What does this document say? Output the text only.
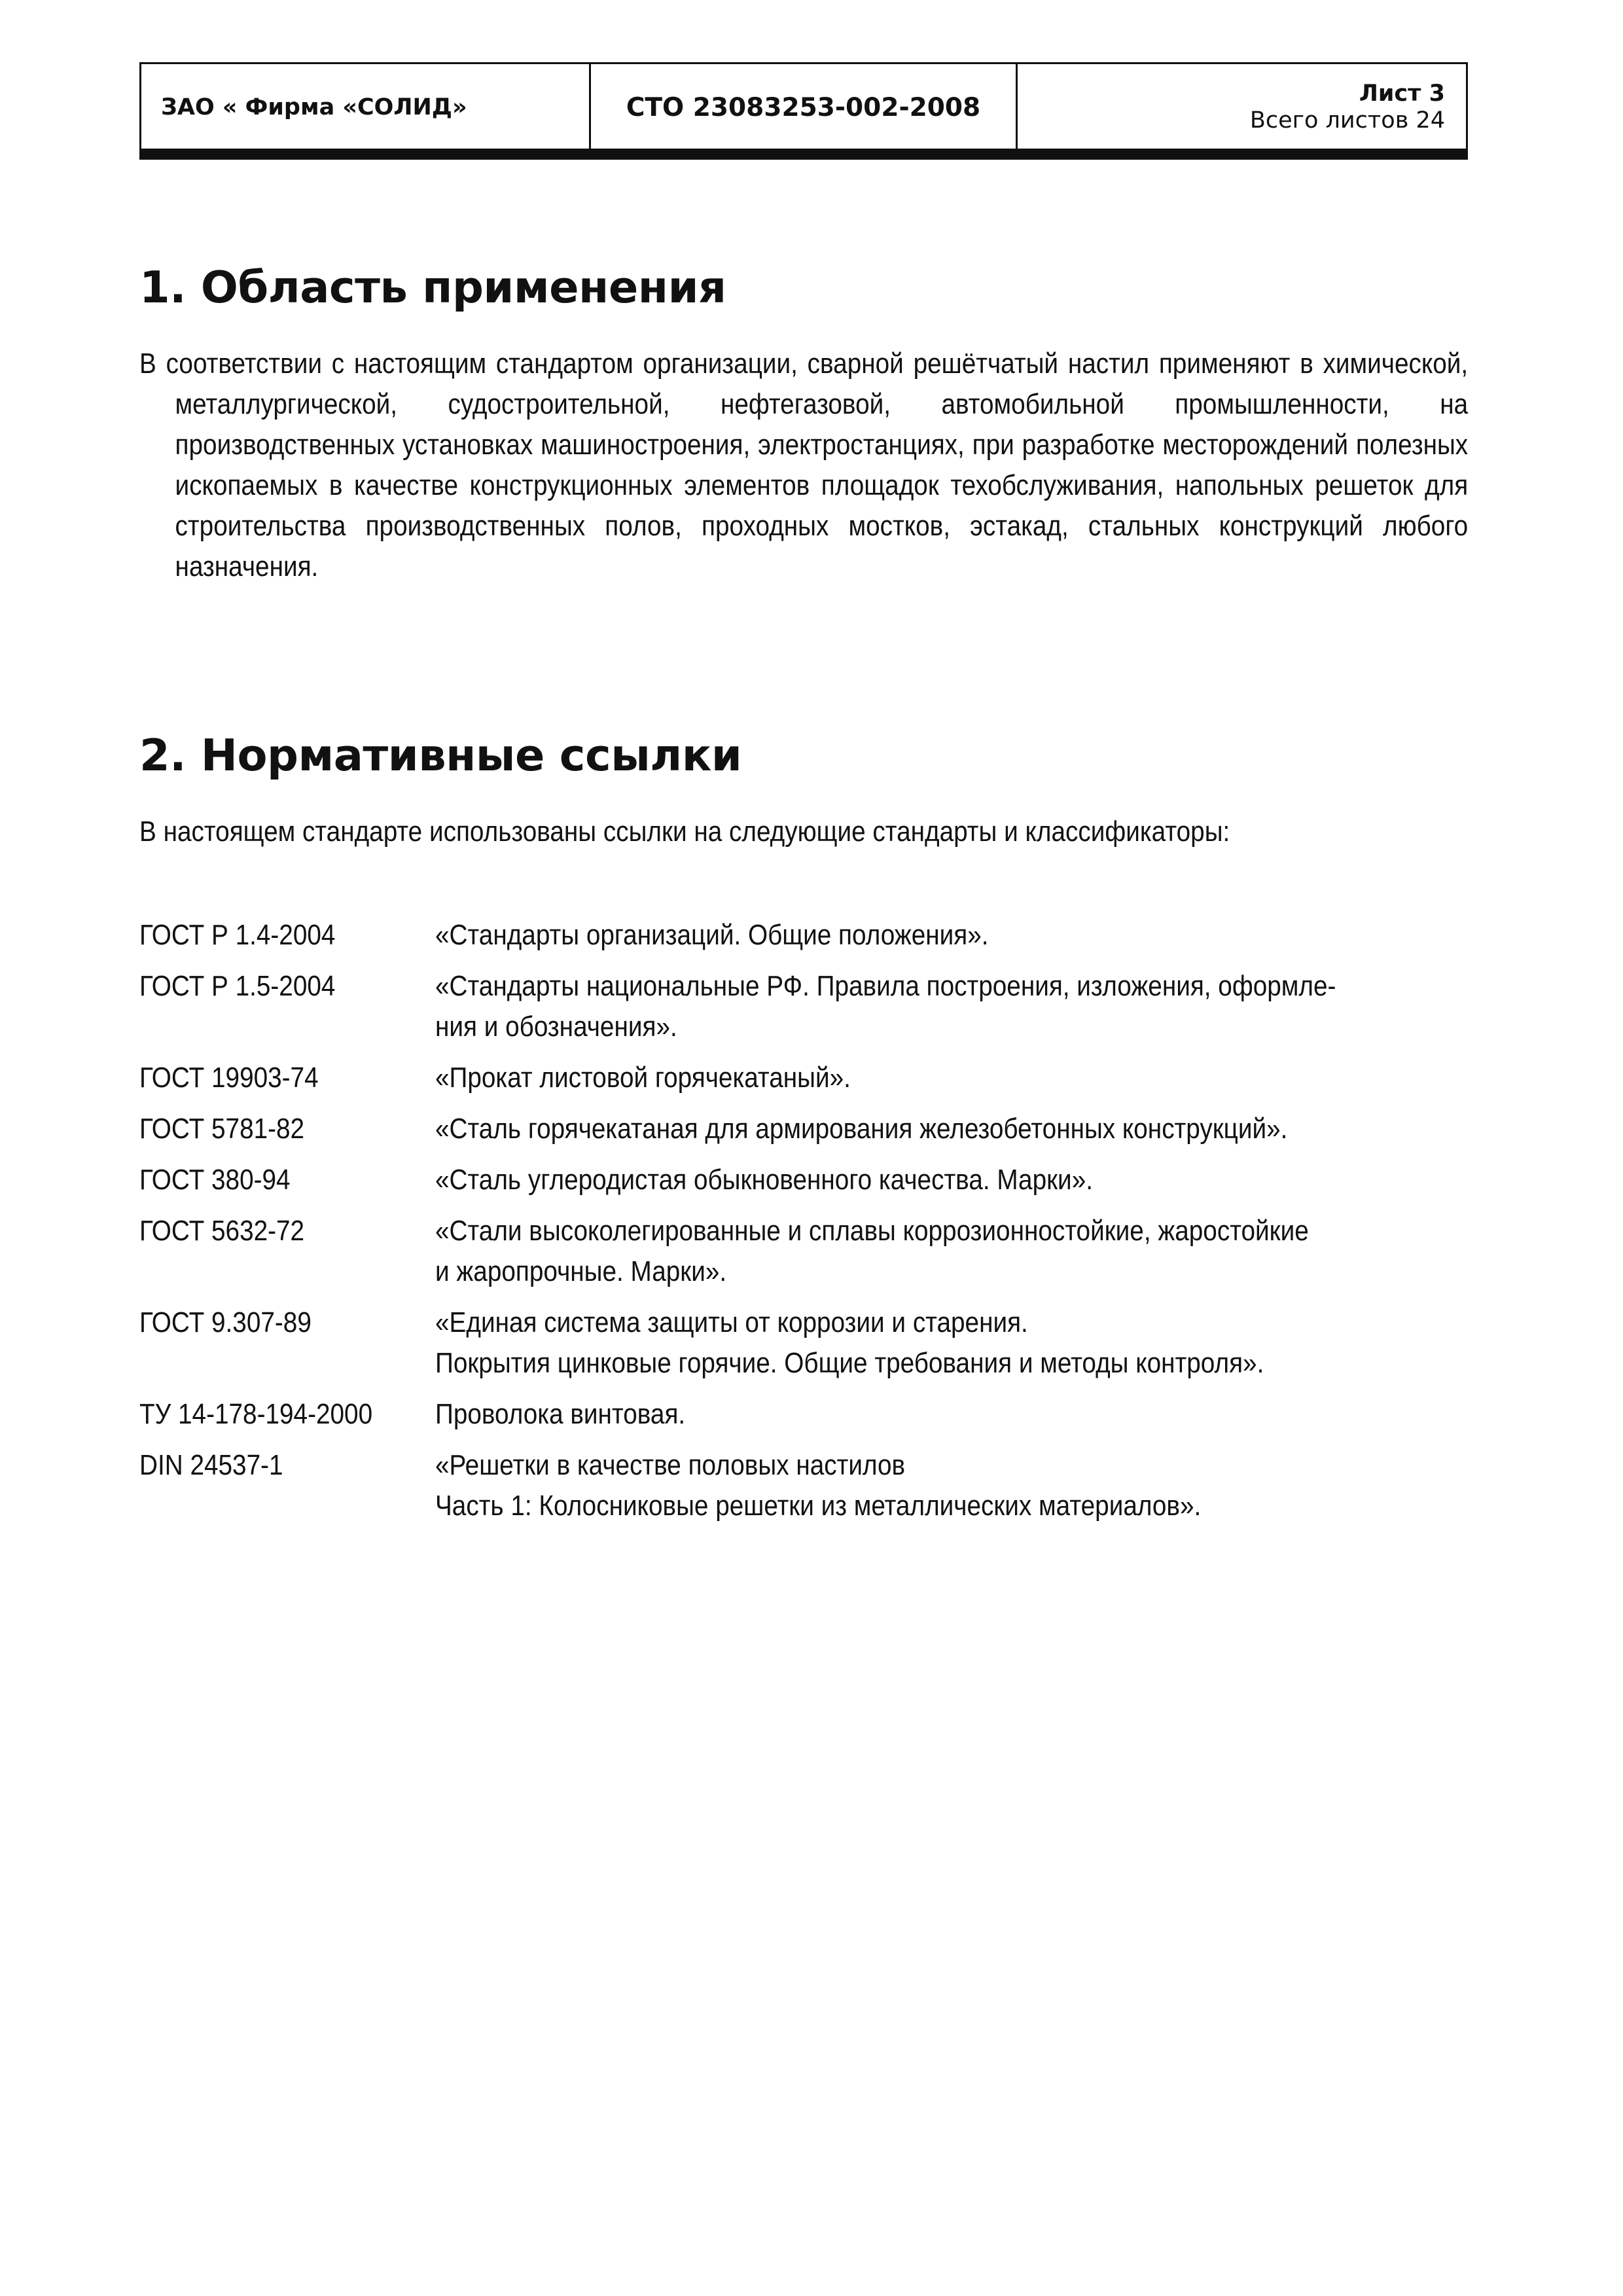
ЗАО « Фирма «СОЛИД»	СТО 23083253-002-2008	Лист 3
Всего листов 24
1. Область применения

В соответствии с настоящим стандартом организации, сварной решётчатый настил применяют в химической, металлургической, судостроительной, нефтегазовой, автомобильной промышленности, на производственных установках машиностроения, электростанциях, при разработке месторождений полезных ископаемых в качестве конструкционных элементов площадок техобслуживания, напольных решеток для строительства производственных полов, проходных мостков, эстакад, стальных конструкций любого назначения.

2. Нормативные ссылки

В настоящем стандарте использованы ссылки на следующие стандарты и классификаторы:

ГОСТ Р 1.4-2004	«Стандарты организаций. Общие положения».
ГОСТ Р 1.5-2004	«Стандарты национальные РФ. Правила построения, изложения, оформле-
ния и обозначения».
ГОСТ 19903-74	«Прокат листовой горячекатаный».
ГОСТ 5781-82	«Сталь горячекатаная для армирования железобетонных конструкций».
ГОСТ 380-94	«Сталь углеродистая обыкновенного качества. Марки».
ГОСТ 5632-72	«Стали высоколегированные и сплавы коррозионностойкие, жаростойкие
и жаропрочные. Марки».
ГОСТ 9.307-89	«Единая система защиты от коррозии и старения.
Покрытия цинковые горячие. Общие требования и методы контроля».
ТУ 14-178-194-2000	Проволока винтовая.
DIN 24537-1	«Решетки в качестве половых настилов
Часть 1: Колосниковые решетки из металлических материалов».
